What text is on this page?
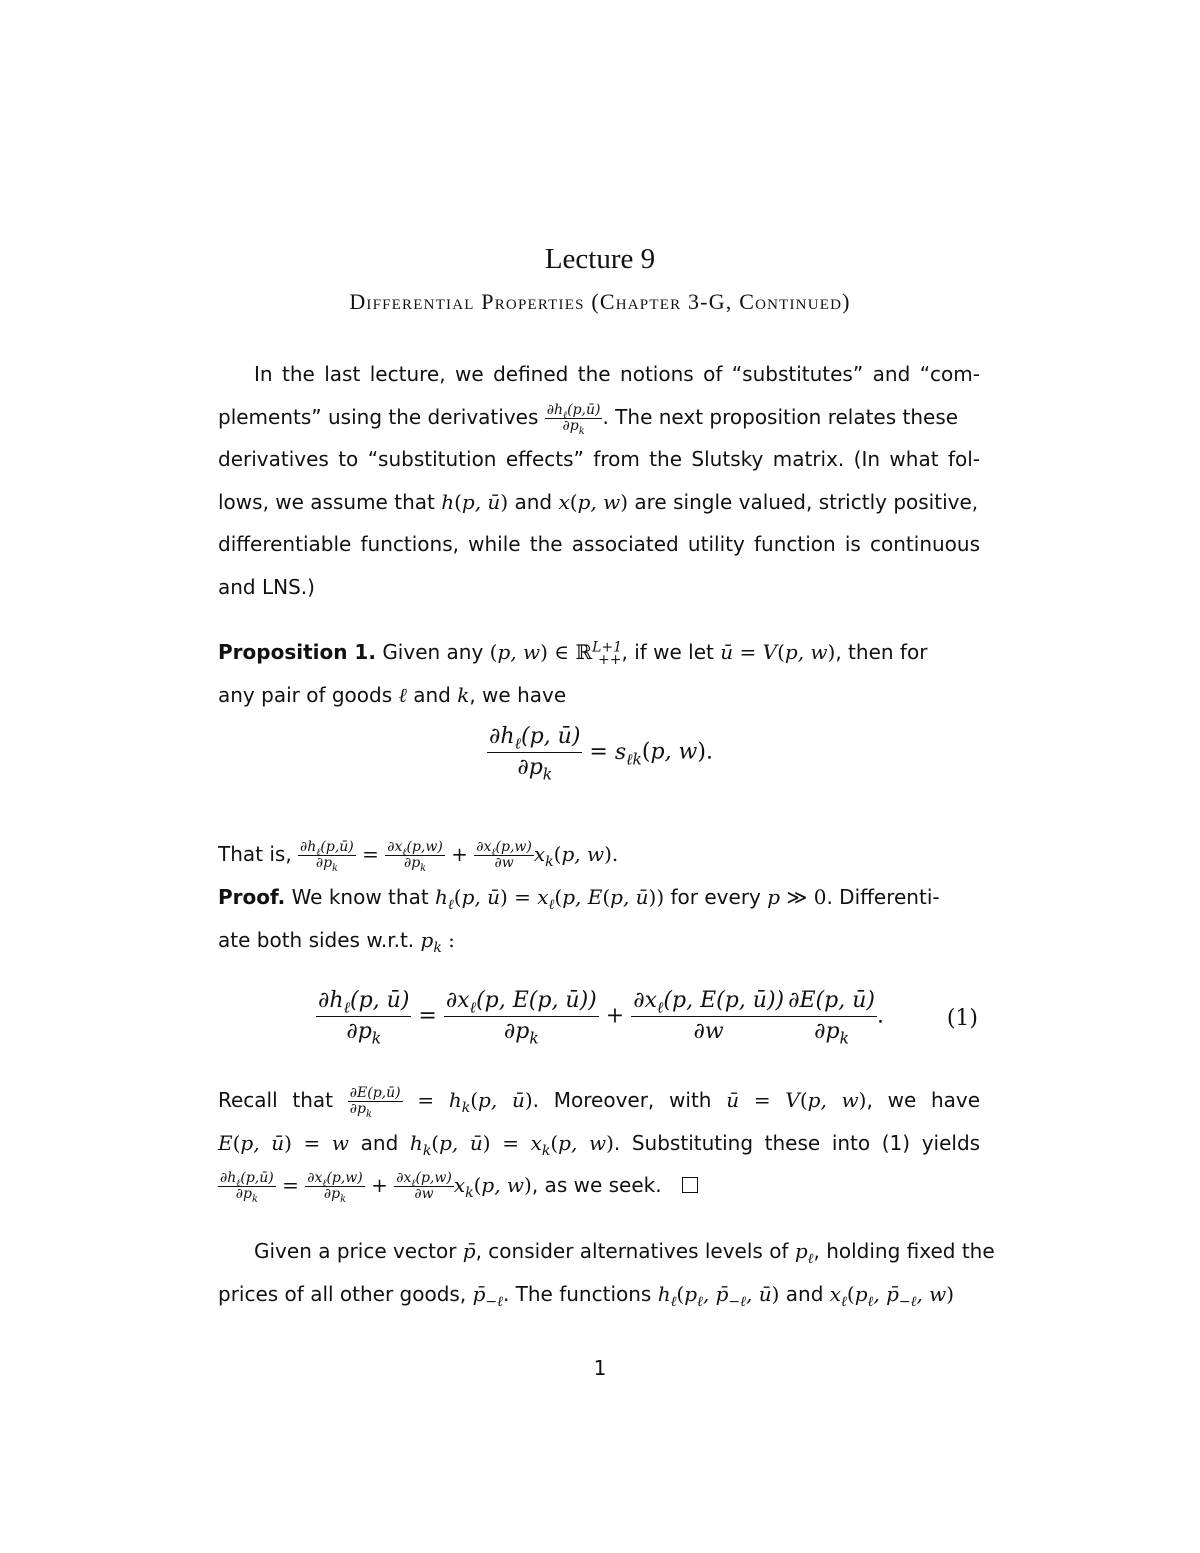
Lecture 9
Differential Properties (Chapter 3-G, Continued)
In the last lecture, we defined the notions of “substitutes” and “com-
plements” using the derivatives $\frac{\partial h_\ell(p,ū)}{\partial p_k}$ . The next proposition relates these
derivatives to “substitution effects” from the Slutsky matrix. (In what fol-
lows, we assume that h(p, ū) and x(p, w) are single valued, strictly positive,
differentiable functions, while the associated utility function is continuous
and LNS.)
Proposition 1. Given any (p, w) ∈ ℝ$^{L+1}_{++}$, if we let ū = V(p, w), then for
any pair of goods ℓ and k, we have
$\frac{\partial h_\ell(p, ū)}{\partial p_k} = s_{\ell k}(p$, w).
That is, $\frac{\partial h_\ell(p,ū)}{\partial p_k} = \frac{\partial x_\ell(p,w)}{\partial p_k} + \frac{\partial x_\ell(p,w)}{\partial w} x_k(p$, w).
Proof. We know that $h_\ell(p$, ū) = $x_\ell(p$, E(p, ū)) for every p ≫ 0. Differenti-
ate both sides w.r.t. $p_k$ :
$\frac{\partial h_\ell(p, ū)}{\partial p_k} = \frac{\partial x_\ell(p, E(p, ū))}{\partial p_k} + \frac{\partial x_\ell(p, E(p, ū))}{\partial w} \frac{\partial E(p, ū)}{\partial p_k}$ .	(1)
Recall that $\frac{\partial E(p,ū)}{\partial p_k} = h_k(p$, ū). Moreover, with ū = V(p, w), we have
E(p, ū) = w and $h_k(p$, ū) = $x_k(p$, w). Substituting these into (1) yields
$\frac{\partial h_\ell(p,ū)}{\partial p_k} = \frac{\partial x_\ell(p,w)}{\partial p_k} + \frac{\partial x_\ell(p,w)}{\partial w} x_k(p$, w), as we seek.
Given a price vector p̄, consider alternatives levels of $p_\ell$, holding fixed the
prices of all other goods, $p̄_{-\ell}$. The functions $h_\ell(p_\ell$, $p̄_{-\ell}$, ū) and $x_\ell(p_\ell$, $p̄_{-\ell}$, w)
1
